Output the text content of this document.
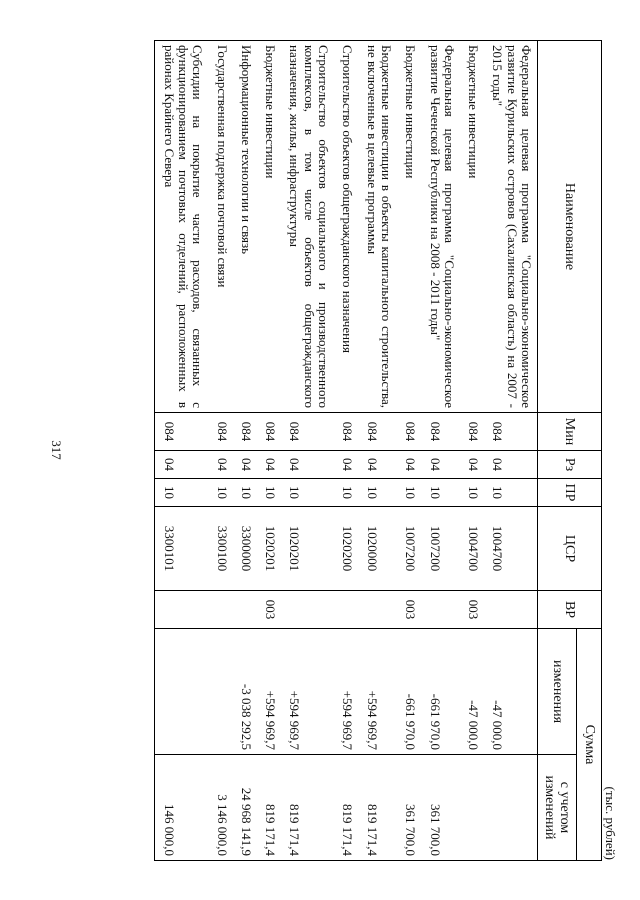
317
(тыс. рублей)
Наименование	Мин	Рз	ПР	ЦСР	ВР	Сумма	
						изменения	с учетом изменений
Федеральная целевая программа "Социально-экономическое развитие Курильских островов (Сахалинская область) на 2007 - 2015 годы"	084	04	10	1004700		-47 000,0	
Бюджетные инвестиции	084	04	10	1004700	003	-47 000,0	
Федеральная целевая программа "Социально-экономическое развитие Чеченской Республики на 2008 - 2011 годы"	084	04	10	1007200		-661 970,0	361 700,0
Бюджетные инвестиции	084	04	10	1007200	003	-661 970,0	361 700,0
Бюджетные инвестиции в объекты капитального строительства, не включенные в целевые программы	084	04	10	1020000		+594 969,7	819 171,4
Строительство объектов общегражданского назначения	084	04	10	1020200		+594 969,7	819 171,4
Строительство объектов социального и производственного комплексов, в том числе объектов общегражданского назначения, жилья, инфраструктуры	084	04	10	1020201		+594 969,7	819 171,4
Бюджетные инвестиции	084	04	10	1020201	003	+594 969,7	819 171,4
Информационные технологии и связь	084	04	10	3300000		-3 038 292,5	24 968 141,9
Государственная поддержка почтовой связи	084	04	10	3300100			3 146 000,0
Субсидии на покрытие части расходов, связанных с функционированием почтовых отделений, расположенных в районах Крайнего Севера	084	04	10	3300101			146 000,0
